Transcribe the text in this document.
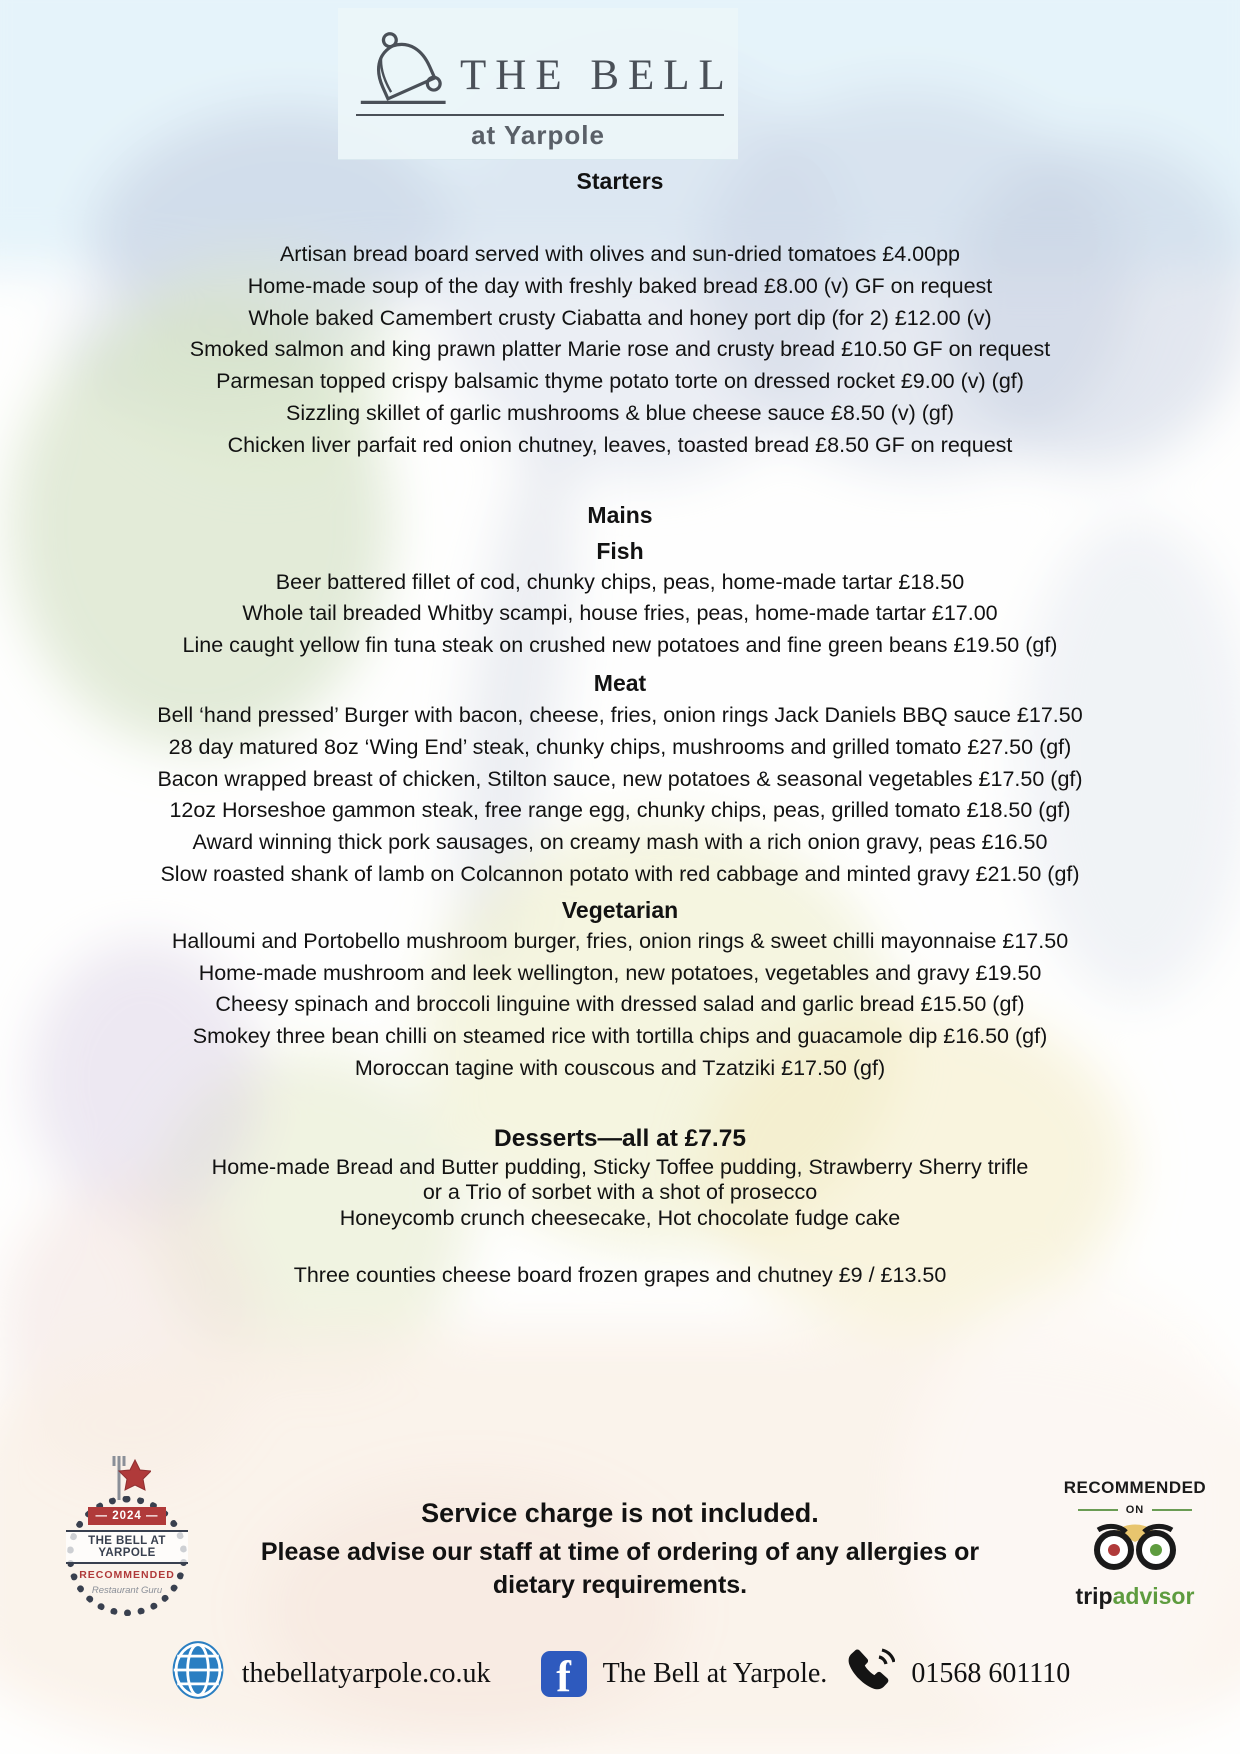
THE BELL
at Yarpole
Starters
Artisan bread board served with olives and sun-dried tomatoes £4.00pp
Home-made soup of the day with freshly baked bread £8.00 (v) GF on request
Whole baked Camembert crusty Ciabatta and honey port dip (for 2) £12.00 (v)
Smoked salmon and king prawn platter Marie rose and crusty bread £10.50 GF on request
Parmesan topped crispy balsamic thyme potato torte on dressed rocket £9.00 (v) (gf)
Sizzling skillet of garlic mushrooms & blue cheese sauce £8.50 (v) (gf)
Chicken liver parfait red onion chutney, leaves, toasted bread £8.50 GF on request
Mains
Fish
Beer battered fillet of cod, chunky chips, peas, home-made tartar £18.50
Whole tail breaded Whitby scampi, house fries, peas, home-made tartar £17.00
Line caught yellow fin tuna steak on crushed new potatoes and fine green beans £19.50 (gf)
Meat
Bell ‘hand pressed’ Burger with bacon, cheese, fries, onion rings Jack Daniels BBQ sauce £17.50
28 day matured 8oz ‘Wing End’ steak, chunky chips, mushrooms and grilled tomato £27.50 (gf)
Bacon wrapped breast of chicken, Stilton sauce, new potatoes & seasonal vegetables £17.50 (gf)
12oz Horseshoe gammon steak, free range egg, chunky chips, peas, grilled tomato £18.50 (gf)
Award winning thick pork sausages, on creamy mash with a rich onion gravy, peas £16.50
Slow roasted shank of lamb on Colcannon potato with red cabbage and minted gravy £21.50 (gf)
Vegetarian
Halloumi and Portobello mushroom burger, fries, onion rings & sweet chilli mayonnaise £17.50
Home-made mushroom and leek wellington, new potatoes, vegetables and gravy £19.50
Cheesy spinach and broccoli linguine with dressed salad and garlic bread £15.50 (gf)
Smokey three bean chilli on steamed rice with tortilla chips and guacamole dip £16.50 (gf)
Moroccan tagine with couscous and Tzatziki £17.50 (gf)
Desserts—all at £7.75
Home-made Bread and Butter pudding, Sticky Toffee pudding, Strawberry Sherry trifle
or a Trio of sorbet with a shot of prosecco
Honeycomb crunch cheesecake, Hot chocolate fudge cake
Three counties cheese board frozen grapes and chutney £9 / £13.50
Service charge is not included.
Please advise our staff at time of ordering of any allergies or dietary requirements.
— 2024 —
THE BELL AT YARPOLE
RECOMMENDED
Restaurant Guru
RECOMMENDED
ON
tripadvisor
thebellatyarpole.co.uk f The Bell at Yarpole.	01568 601110
